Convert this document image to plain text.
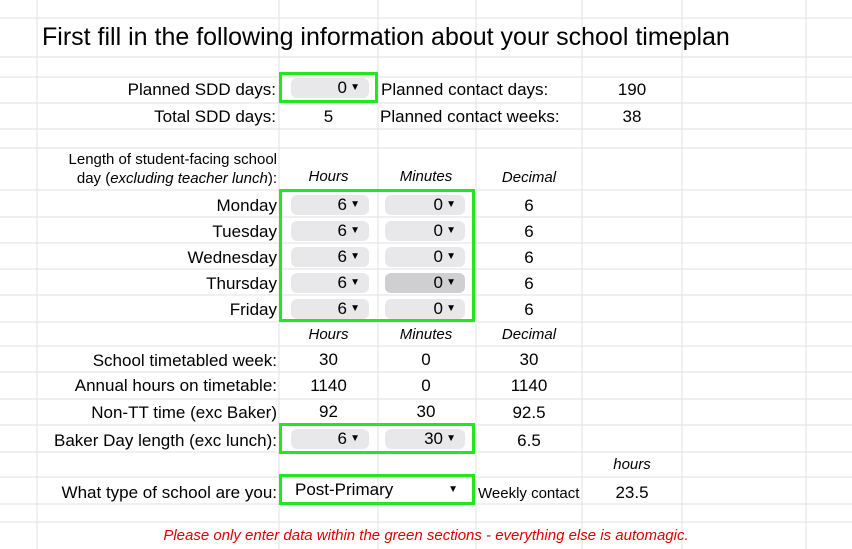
First fill in the following information about your school timeplan
Planned SDD days:	0 ▼ Planned contact days:	190
Total SDD days:	5	Planned contact weeks:	38
Length of student-facing school
day (excluding teacher lunch):	Hours	Minutes	Decimal
Monday	6 ▼	0 ▼	6
Tuesday	6 ▼	0 ▼	6
Wednesday	6 ▼	0 ▼	6
Thursday	6 ▼	0 ▼	6
Friday	6 ▼	0 ▼	6
Hours	Minutes	Decimal
School timetabled week:	30	0	30
Annual hours on timetable:	1140	0	1140
Non-TT time (exc Baker)	92	30	92.5
Baker Day length (exc lunch):	6 ▼	30 ▼	6.5
hours
What type of school are you: Post-Primary	▼ Weekly contact	23.5
Please only enter data within the green sections - everything else is automagic.
